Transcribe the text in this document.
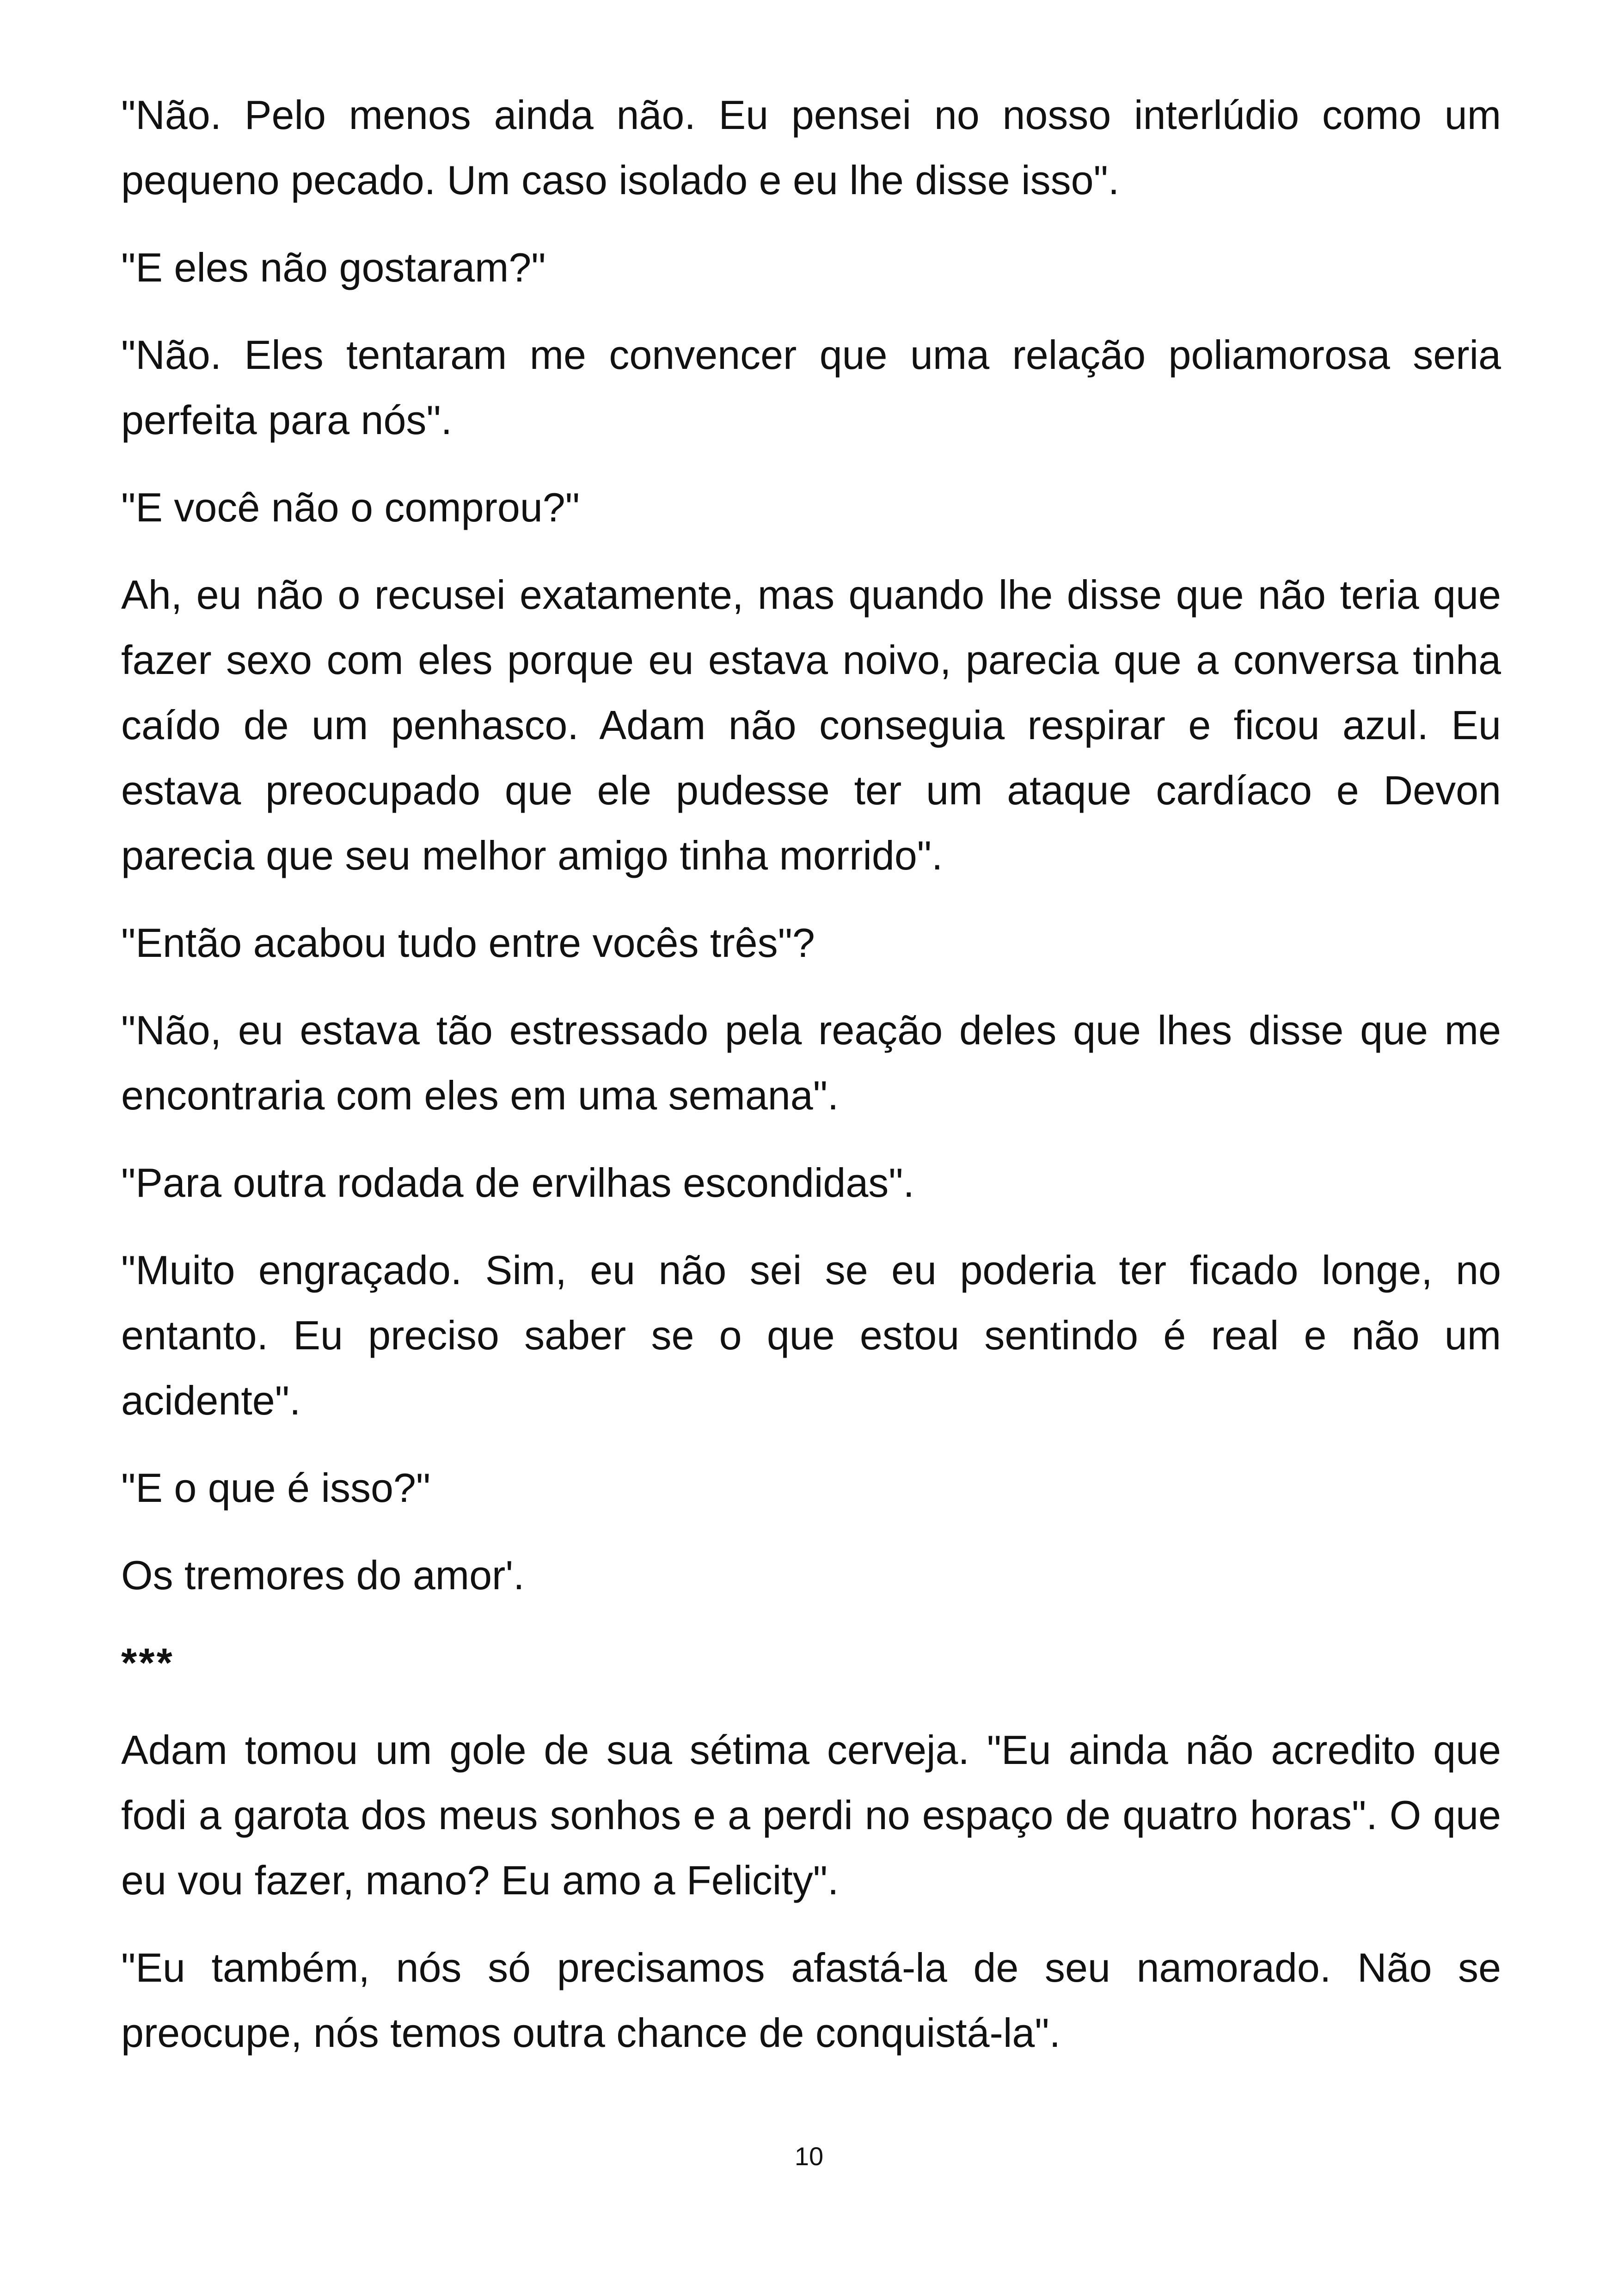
"Não. Pelo menos ainda não. Eu pensei no nosso interlúdio como um pequeno pecado. Um caso isolado e eu lhe disse isso".

"E eles não gostaram?"

"Não. Eles tentaram me convencer que uma relação poliamorosa seria perfeita para nós".

"E você não o comprou?"

Ah, eu não o recusei exatamente, mas quando lhe disse que não teria que fazer sexo com eles porque eu estava noivo, parecia que a conversa tinha caído de um penhasco. Adam não conseguia respirar e ficou azul. Eu estava preocupado que ele pudesse ter um ataque cardíaco e Devon parecia que seu melhor amigo tinha morrido".

"Então acabou tudo entre vocês três"?

"Não, eu estava tão estressado pela reação deles que lhes disse que me encontraria com eles em uma semana".

"Para outra rodada de ervilhas escondidas".

"Muito engraçado. Sim, eu não sei se eu poderia ter ficado longe, no entanto. Eu preciso saber se o que estou sentindo é real e não um acidente".

"E o que é isso?"

Os tremores do amor'.

***

Adam tomou um gole de sua sétima cerveja. "Eu ainda não acredito que fodi a garota dos meus sonhos e a perdi no espaço de quatro horas". O que eu vou fazer, mano? Eu amo a Felicity".

"Eu também, nós só precisamos afastá-la de seu namorado. Não se preocupe, nós temos outra chance de conquistá-la".

10
